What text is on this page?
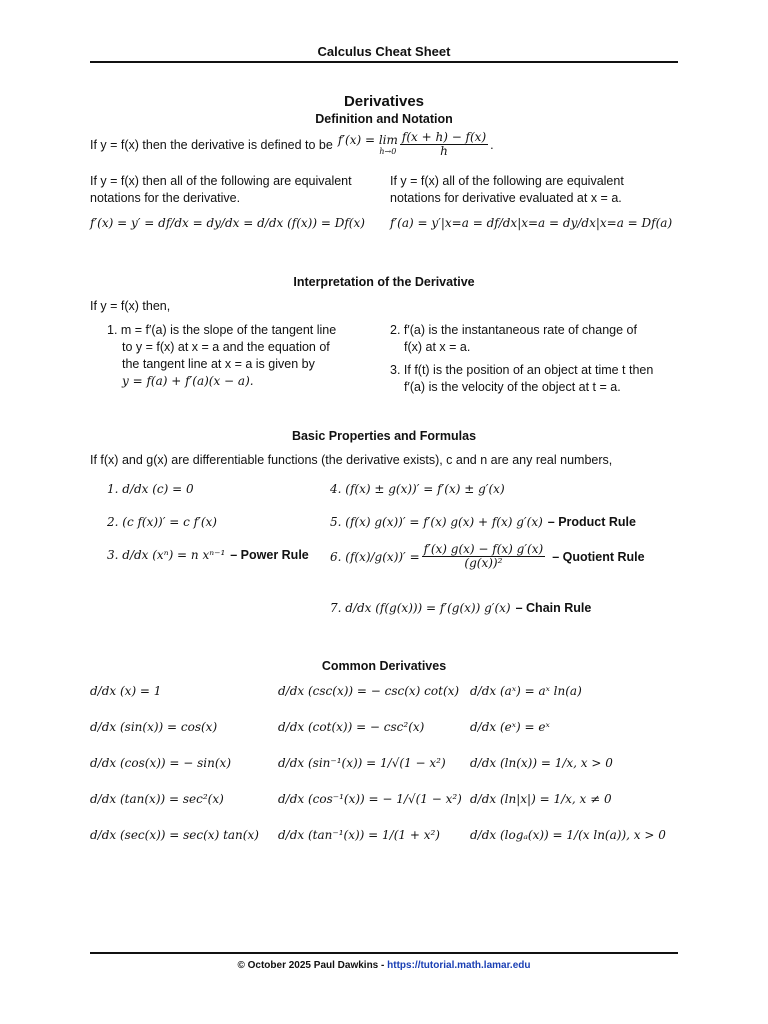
Calculus Cheat Sheet
Derivatives
Definition and Notation
If y = f(x) then the derivative is defined to be f′(x) = lim
$h\to 0 \frac{f(x + h) - f(x)}{h}$ .
If y = f(x) then all of the following are equivalent
notations for the derivative.
f′(x) = y′ = df/dx = dy/dx = d/dx (f(x)) = Df(x)
If y = f(x) all of the following are equivalent
notations for derivative evaluated at x = a.
f′(a) = y′|x=a = df/dx|x=a = dy/dx|x=a = Df(a)
Interpretation of the Derivative
If y = f(x) then,
1. m = f′(a) is the slope of the tangent line
to y = f(x) at x = a and the equation of
the tangent line at x = a is given by
y = f(a) + f′(a)(x − a).
2. f′(a) is the instantaneous rate of change of
f(x) at x = a.
3. If f(t) is the position of an object at time t then
f′(a) is the velocity of the object at t = a.
Basic Properties and Formulas
If f(x) and g(x) are differentiable functions (the derivative exists), c and n are any real numbers,
1. d/dx (c) = 0
2. (c f(x))′ = c f′(x)
3. d/dx (xⁿ) = n xⁿ⁻¹ – Power Rule
4. (f(x) ± g(x))′ = f′(x) ± g′(x)
5. (f(x) g(x))′ = f′(x) g(x) + f(x) g′(x) – Product Rule
6. $(f(x)/g(x))' = \frac{f'(x) g(x) - f(x) g'(x)}{\text{(g(x))²}}$ – Quotient Rule
7. d/dx (f(g(x))) = f′(g(x)) g′(x) – Chain Rule
Common Derivatives
d/dx (x) = 1
d/dx (sin(x)) = cos(x)
d/dx (cos(x)) = − sin(x)
d/dx (tan(x)) = sec²(x)
d/dx (sec(x)) = sec(x) tan(x)
d/dx (csc(x)) = − csc(x) cot(x)
d/dx (cot(x)) = − csc²(x)
d/dx (sin⁻¹(x)) = 1/√(1 − x²)
d/dx (cos⁻¹(x)) = − 1/√(1 − x²)
d/dx (tan⁻¹(x)) = 1/(1 + x²)
d/dx (aˣ) = aˣ ln(a)
d/dx (eˣ) = eˣ
d/dx (ln(x)) = 1/x, x > 0
d/dx (ln|x|) = 1/x, x ≠ 0
d/dx (logₐ(x)) = 1/(x ln(a)), x > 0
© October 2025 Paul Dawkins - https://tutorial.math.lamar.edu
